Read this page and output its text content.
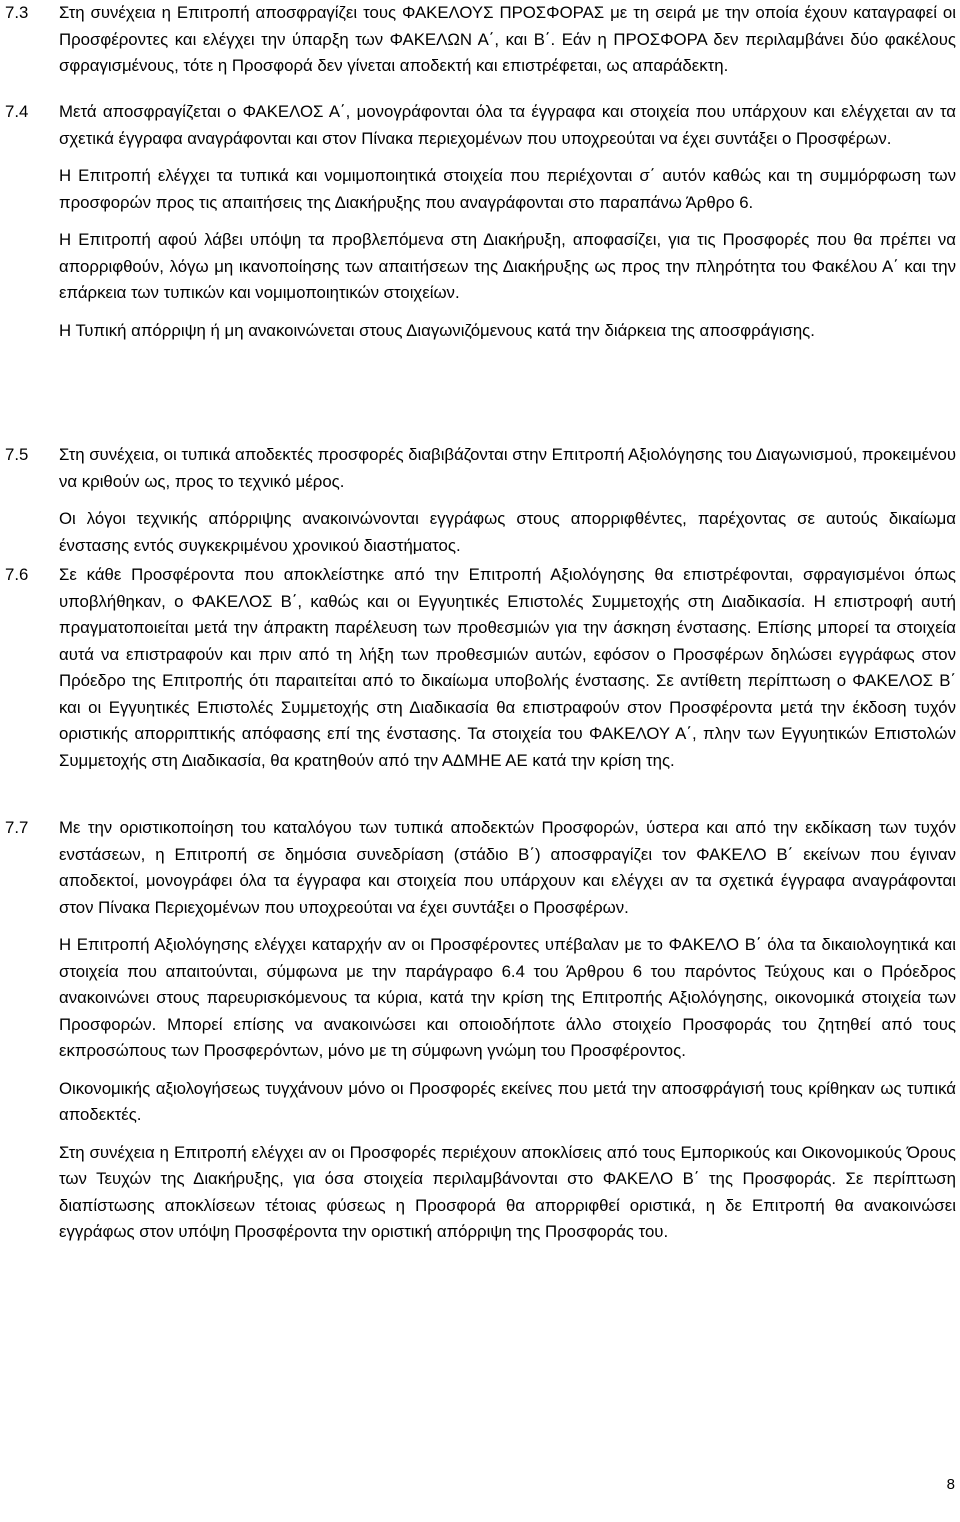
7.3 Στη συνέχεια η Επιτροπή αποσφραγίζει τους ΦΑΚΕΛΟΥΣ ΠΡΟΣΦΟΡΑΣ με τη σειρά με την οποία έχουν καταγραφεί οι Προσφέροντες και ελέγχει την ύπαρξη των ΦΑΚΕΛΩΝ Α΄, και Β΄. Εάν η ΠΡΟΣΦΟΡΑ δεν περιλαμβάνει δύο φακέλους σφραγισμένους, τότε η Προσφορά δεν γίνεται αποδεκτή και επιστρέφεται, ως απαράδεκτη.

7.4 Μετά αποσφραγίζεται ο ΦΑΚΕΛΟΣ Α΄, μονογράφονται όλα τα έγγραφα και στοιχεία που υπάρχουν και ελέγχεται αν τα σχετικά έγγραφα αναγράφονται και στον Πίνακα περιεχομένων που υποχρεούται να έχει συντάξει ο Προσφέρων.

Η Επιτροπή ελέγχει τα τυπικά και νομιμοποιητικά στοιχεία που περιέχονται σ΄ αυτόν καθώς και τη συμμόρφωση των προσφορών προς τις απαιτήσεις της Διακήρυξης που αναγράφονται στο παραπάνω Άρθρο 6.

Η Επιτροπή αφού λάβει υπόψη τα προβλεπόμενα στη Διακήρυξη, αποφασίζει, για τις Προσφορές που θα πρέπει να απορριφθούν, λόγω μη ικανοποίησης των απαιτήσεων της Διακήρυξης ως προς την πληρότητα του Φακέλου Α΄ και την επάρκεια των τυπικών και νομιμοποιητικών στοιχείων.

Η Τυπική απόρριψη ή μη ανακοινώνεται στους Διαγωνιζόμενους κατά την διάρκεια της αποσφράγισης.

7.5 Στη συνέχεια, οι τυπικά αποδεκτές προσφορές διαβιβάζονται στην Επιτροπή Αξιολόγησης του Διαγωνισμού, προκειμένου να κριθούν ως, προς το τεχνικό μέρος.

Οι λόγοι τεχνικής απόρριψης ανακοινώνονται εγγράφως στους απορριφθέντες, παρέχοντας σε αυτούς δικαίωμα ένστασης εντός συγκεκριμένου χρονικού διαστήματος.

7.6 Σε κάθε Προσφέροντα που αποκλείστηκε από την Επιτροπή Αξιολόγησης θα επιστρέφονται, σφραγισμένοι όπως υποβλήθηκαν, ο ΦΑΚΕΛΟΣ Β΄, καθώς και οι Εγγυητικές Επιστολές Συμμετοχής στη Διαδικασία. Η επιστροφή αυτή πραγματοποιείται μετά την άπρακτη παρέλευση των προθεσμιών για την άσκηση ένστασης. Επίσης μπορεί τα στοιχεία αυτά να επιστραφούν και πριν από τη λήξη των προθεσμιών αυτών, εφόσον ο Προσφέρων δηλώσει εγγράφως στον Πρόεδρο της Επιτροπής ότι παραιτείται από το δικαίωμα υποβολής ένστασης. Σε αντίθετη περίπτωση ο ΦΑΚΕΛΟΣ Β΄ και οι Εγγυητικές Επιστολές Συμμετοχής στη Διαδικασία θα επιστραφούν στον Προσφέροντα μετά την έκδοση τυχόν οριστικής απορριπτικής απόφασης επί της ένστασης. Τα στοιχεία του ΦΑΚΕΛΟΥ Α΄, πλην των Εγγυητικών Επιστολών Συμμετοχής στη Διαδικασία, θα κρατηθούν από την ΑΔΜΗΕ ΑΕ κατά την κρίση της.

7.7 Με την οριστικοποίηση του καταλόγου των τυπικά αποδεκτών Προσφορών, ύστερα και από την εκδίκαση των τυχόν ενστάσεων, η Επιτροπή σε δημόσια συνεδρίαση (στάδιο Β΄) αποσφραγίζει τον ΦΑΚΕΛΟ Β΄ εκείνων που έγιναν αποδεκτοί, μονογράφει όλα τα έγγραφα και στοιχεία που υπάρχουν και ελέγχει αν τα σχετικά έγγραφα αναγράφονται στον Πίνακα Περιεχομένων που υποχρεούται να έχει συντάξει ο Προσφέρων.

Η Επιτροπή Αξιολόγησης ελέγχει καταρχήν αν οι Προσφέροντες υπέβαλαν με το ΦΑΚΕΛΟ Β΄ όλα τα δικαιολογητικά και στοιχεία που απαιτούνται, σύμφωνα με την παράγραφο 6.4 του Άρθρου 6 του παρόντος Τεύχους και ο Πρόεδρος ανακοινώνει στους παρευρισκόμενους τα κύρια, κατά την κρίση της Επιτροπής Αξιολόγησης, οικονομικά στοιχεία των Προσφορών. Μπορεί επίσης να ανακοινώσει και οποιοδήποτε άλλο στοιχείο Προσφοράς του ζητηθεί από τους εκπροσώπους των Προσφερόντων, μόνο με τη σύμφωνη γνώμη του Προσφέροντος.

Οικονομικής αξιολογήσεως τυγχάνουν μόνο οι Προσφορές εκείνες που μετά την αποσφράγισή τους κρίθηκαν ως τυπικά αποδεκτές.

Στη συνέχεια η Επιτροπή ελέγχει αν οι Προσφορές περιέχουν αποκλίσεις από τους Εμπορικούς και Οικονομικούς Όρους των Τευχών της Διακήρυξης, για όσα στοιχεία περιλαμβάνονται στο ΦΑΚΕΛΟ Β΄ της Προσφοράς. Σε περίπτωση διαπίστωσης αποκλίσεων τέτοιας φύσεως η Προσφορά θα απορριφθεί οριστικά, η δε Επιτροπή θα ανακοινώσει εγγράφως στον υπόψη Προσφέροντα την οριστική απόρριψη της Προσφοράς του.

8
